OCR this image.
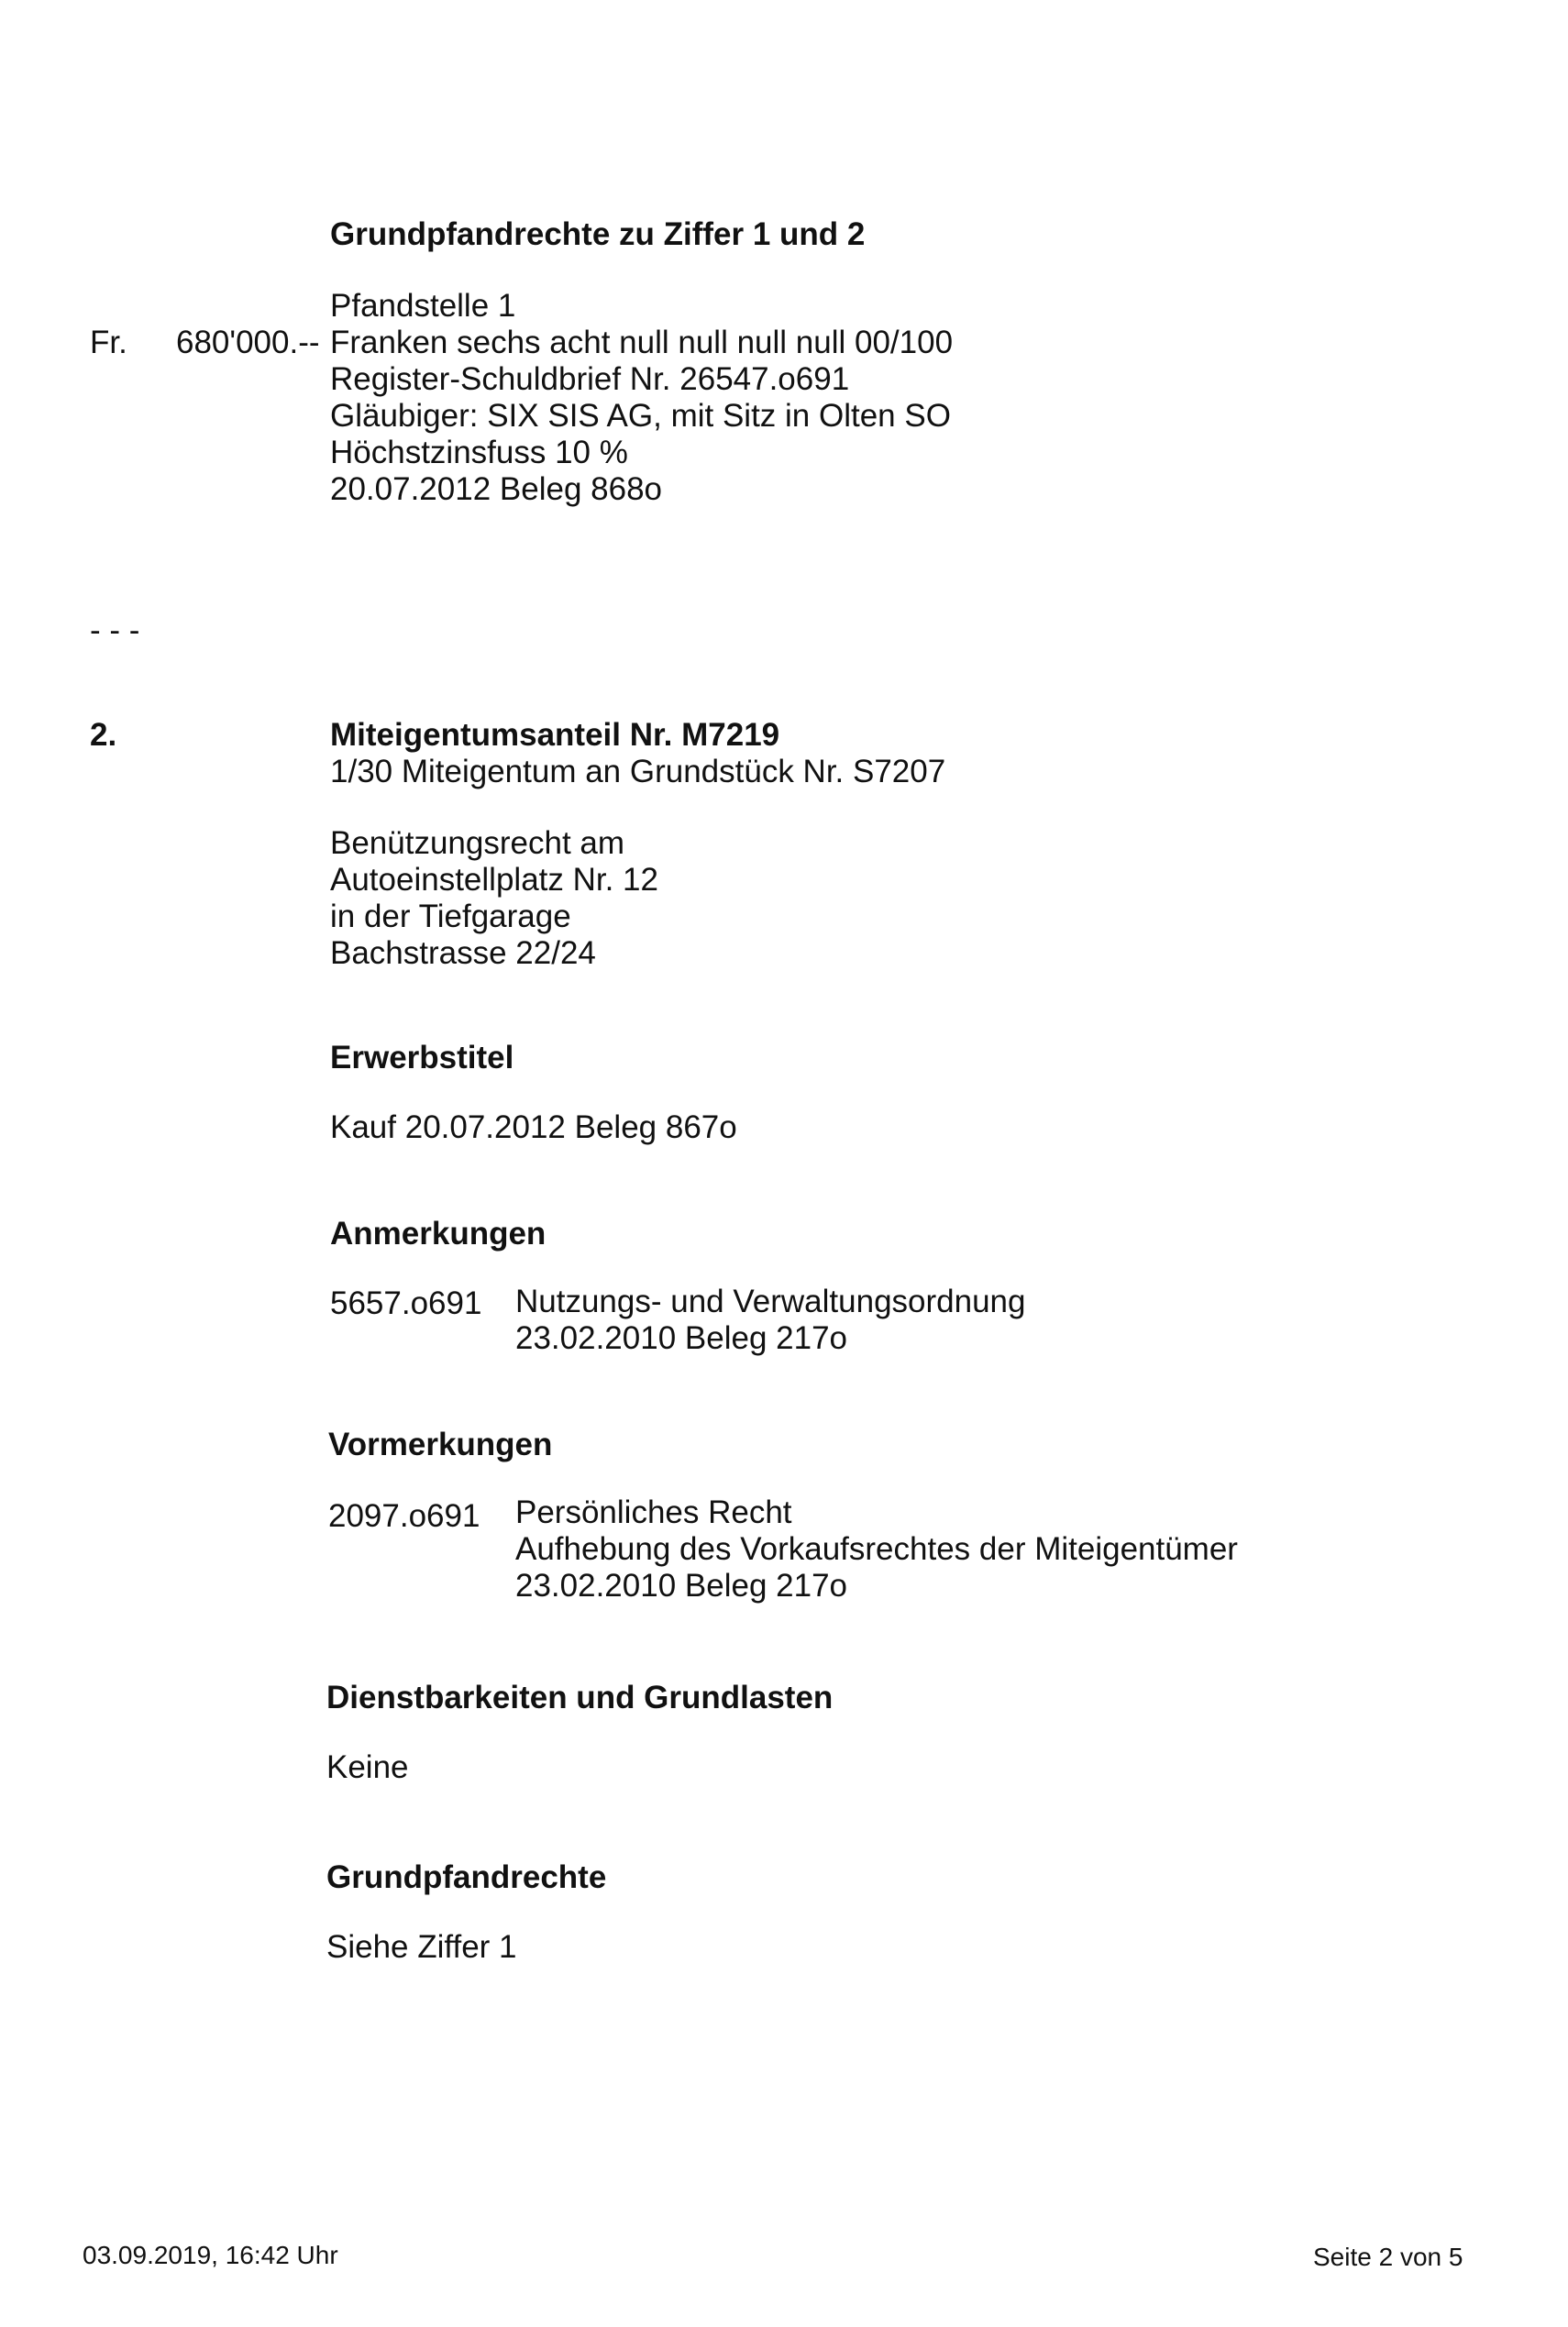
Grundpfandrechte zu Ziffer 1 und 2
Pfandstelle 1
Fr. 680'000.-- Franken sechs acht null null null null 00/100
Register-Schuldbrief Nr. 26547.o691
Gläubiger: SIX SIS AG, mit Sitz in Olten SO
Höchstzinsfuss 10 %
20.07.2012 Beleg 868o
- - -
2.	Miteigentumsanteil Nr. M7219
1/30 Miteigentum an Grundstück Nr. S7207
Benützungsrecht am
Autoeinstellplatz Nr. 12
in der Tiefgarage
Bachstrasse 22/24
Erwerbstitel
Kauf 20.07.2012 Beleg 867o
Anmerkungen
5657.o691 Nutzungs- und Verwaltungsordnung
23.02.2010 Beleg 217o
Vormerkungen
2097.o691 Persönliches Recht
Aufhebung des Vorkaufsrechtes der Miteigentümer
23.02.2010 Beleg 217o
Dienstbarkeiten und Grundlasten
Keine
Grundpfandrechte
Siehe Ziffer 1
03.09.2019, 16:42 Uhr	Seite 2 von 5
